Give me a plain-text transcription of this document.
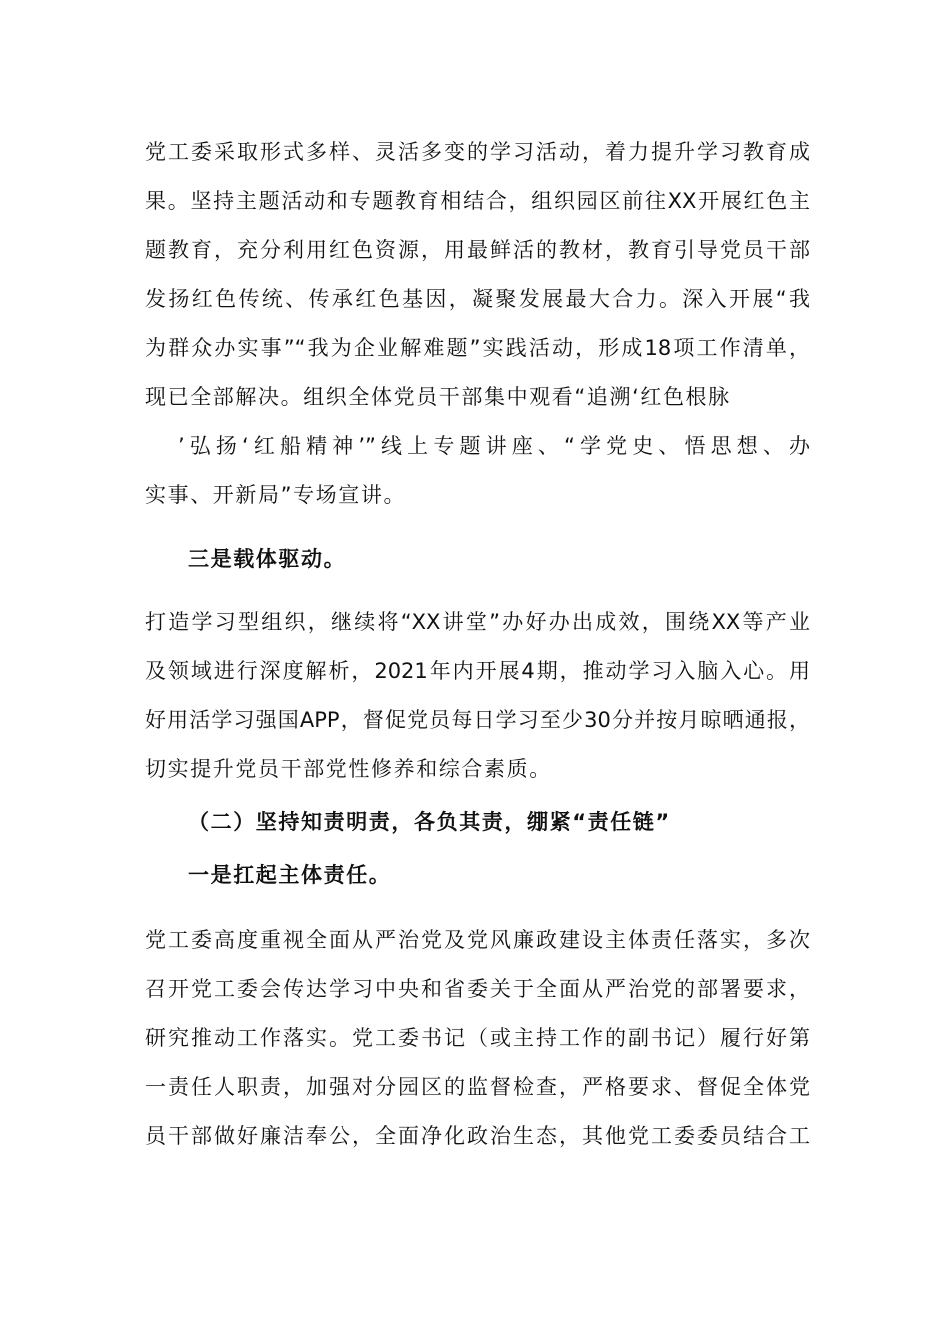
党工委采取形式多样、灵活多变的学习活动，着力提升学习教育成
果。坚持主题活动和专题教育相结合，组织园区前往XX开展红色主
题教育，充分利用红色资源，用最鲜活的教材，教育引导党员干部
发扬红色传统、传承红色基因，凝聚发展最大合力。深入开展“我
为群众办实事”“我为企业解难题”实践活动，形成18项工作清单，
现已全部解决。组织全体党员干部集中观看“追溯‘红色根脉
’弘扬‘红船精神’”线上专题讲座、“学党史、悟思想、办
实事、开新局”专场宣讲。
三是载体驱动。
打造学习型组织，继续将“XX讲堂”办好办出成效，围绕XX等产业
及领域进行深度解析，2021年内开展4期，推动学习入脑入心。用
好用活学习强国APP，督促党员每日学习至少30分并按月晾晒通报，
切实提升党员干部党性修养和综合素质。
（二）坚持知责明责，各负其责，绷紧“责任链”
一是扛起主体责任。
党工委高度重视全面从严治党及党风廉政建设主体责任落实，多次
召开党工委会传达学习中央和省委关于全面从严治党的部署要求，
研究推动工作落实。党工委书记（或主持工作的副书记）履行好第
一责任人职责，加强对分园区的监督检查，严格要求、督促全体党
员干部做好廉洁奉公，全面净化政治生态，其他党工委委员结合工
